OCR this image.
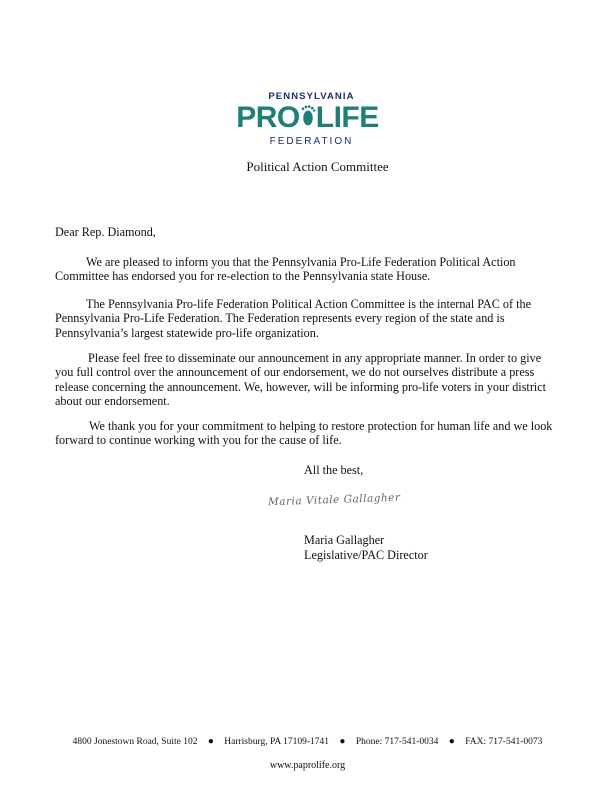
PENNSYLVANIA
PRO LIFE
FEDERATION
Political Action Committee
Dear Rep. Diamond,
We are pleased to inform you that the Pennsylvania Pro-Life Federation Political Action Committee has endorsed you for re-election to the Pennsylvania state House.
The Pennsylvania Pro-life Federation Political Action Committee is the internal PAC of the Pennsylvania Pro-Life Federation. The Federation represents every region of the state and is Pennsylvania’s largest statewide pro-life organization.
Please feel free to disseminate our announcement in any appropriate manner. In order to give you full control over the announcement of our endorsement, we do not ourselves distribute a press release concerning the announcement. We, however, will be informing pro-life voters in your district about our endorsement.
We thank you for your commitment to helping to restore protection for human life and we look forward to continue working with you for the cause of life.
All the best,
Maria Vitale Gallagher
Maria Gallagher
Legislative/PAC Director
4800 Jonestown Road, Suite 102 ● Harrisburg, PA 17109-1741 ● Phone: 717-541-0034 ● FAX: 717-541-0073
www.paprolife.org
